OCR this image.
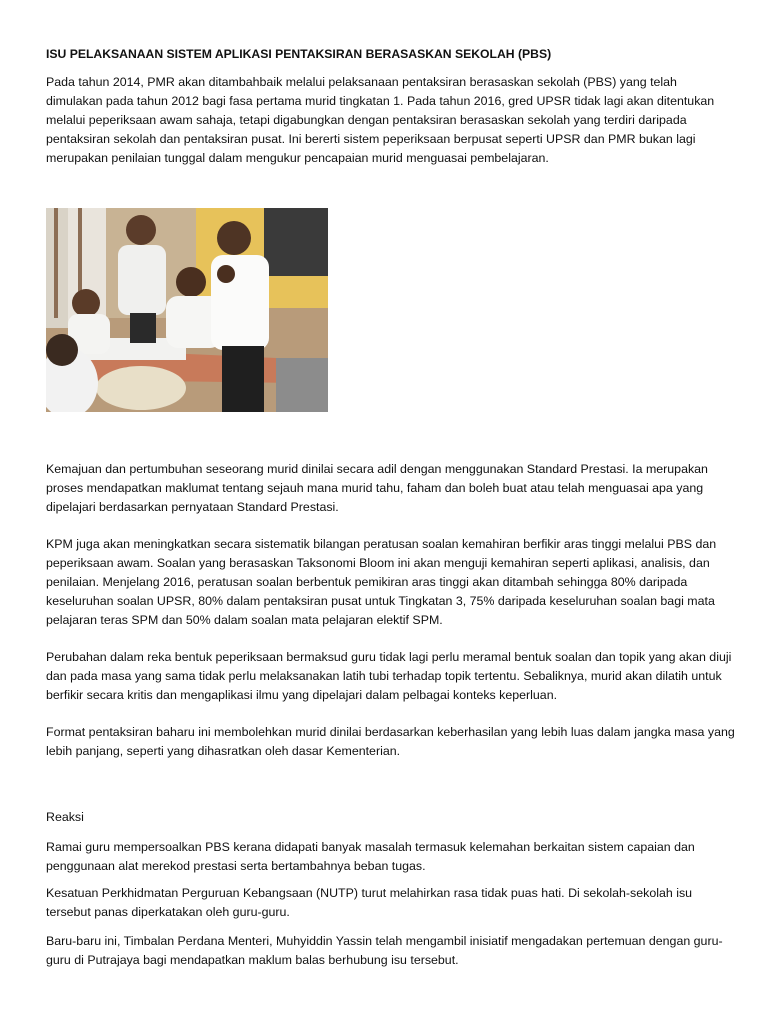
ISU PELAKSANAAN SISTEM APLIKASI PENTAKSIRAN BERASASKAN SEKOLAH (PBS)

Pada tahun 2014, PMR akan ditambahbaik melalui pelaksanaan pentaksiran berasaskan sekolah (PBS) yang telah dimulakan pada tahun 2012 bagi fasa pertama murid tingkatan 1. Pada tahun 2016, gred UPSR tidak lagi akan ditentukan melalui peperiksaan awam sahaja, tetapi digabungkan dengan pentaksiran berasaskan sekolah yang terdiri daripada pentaksiran sekolah dan pentaksiran pusat. Ini bererti sistem peperiksaan berpusat seperti UPSR dan PMR bukan lagi merupakan penilaian tunggal dalam mengukur pencapaian murid menguasai pembelajaran.

Kemajuan dan pertumbuhan seseorang murid dinilai secara adil dengan menggunakan Standard Prestasi. Ia merupakan proses mendapatkan maklumat tentang sejauh mana murid tahu, faham dan boleh buat atau telah menguasai apa yang dipelajari berdasarkan pernyataan Standard Prestasi.

KPM juga akan meningkatkan secara sistematik bilangan peratusan soalan kemahiran berfikir aras tinggi melalui PBS dan peperiksaan awam. Soalan yang berasaskan Taksonomi Bloom ini akan menguji kemahiran seperti aplikasi, analisis, dan penilaian. Menjelang 2016, peratusan soalan berbentuk pemikiran aras tinggi akan ditambah sehingga 80% daripada keseluruhan soalan UPSR, 80% dalam pentaksiran pusat untuk Tingkatan 3, 75% daripada keseluruhan soalan bagi mata pelajaran teras SPM dan 50% dalam soalan mata pelajaran elektif SPM.

Perubahan dalam reka bentuk peperiksaan bermaksud guru tidak lagi perlu meramal bentuk soalan dan topik yang akan diuji dan pada masa yang sama tidak perlu melaksanakan latih tubi terhadap topik tertentu. Sebaliknya, murid akan dilatih untuk berfikir secara kritis dan mengaplikasi ilmu yang dipelajari dalam pelbagai konteks keperluan.

Format pentaksiran baharu ini membolehkan murid dinilai berdasarkan keberhasilan yang lebih luas dalam jangka masa yang lebih panjang, seperti yang dihasratkan oleh dasar Kementerian.

Reaksi

Ramai guru mempersoalkan PBS kerana didapati banyak masalah termasuk kelemahan berkaitan sistem capaian dan penggunaan alat merekod prestasi serta bertambahnya beban tugas.

Kesatuan Perkhidmatan Perguruan Kebangsaan (NUTP) turut melahirkan rasa tidak puas hati. Di sekolah-sekolah isu tersebut panas diperkatakan oleh guru-guru.

Baru-baru ini, Timbalan Perdana Menteri, Muhyiddin Yassin telah mengambil inisiatif mengadakan pertemuan dengan guru-guru di Putrajaya bagi mendapatkan maklum balas berhubung isu tersebut.
